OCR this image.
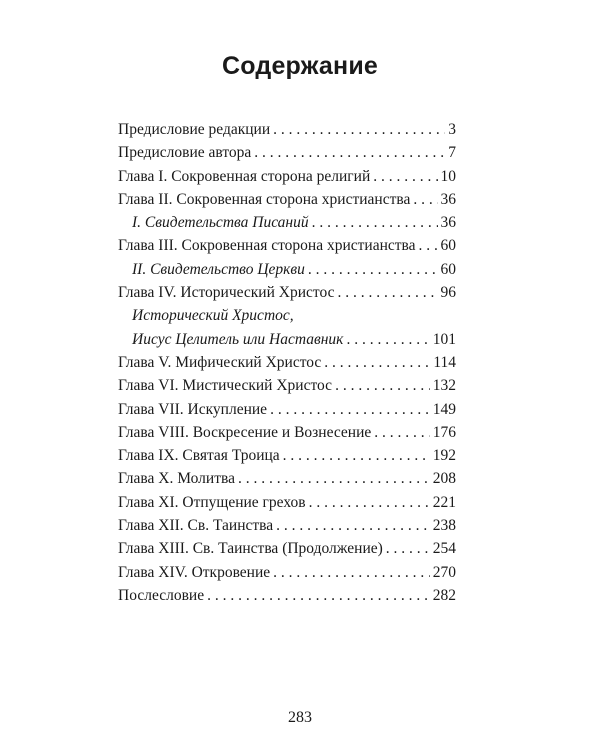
Содержание
Предисловие редакции . . .	3
Предисловие автора . . .	7
Глава I. Сокровенная сторона религий . . .	10
Глава II. Сокровенная сторона христианства . . . 36
I. Свидетельства Писаний . . .	36
Глава III. Сокровенная сторона христианства . . . 60
II. Свидетельство Церкви . . .	60
Глава IV. Исторический Христос . . .	96
Исторический Христос,
Иисус Целитель или Наставник . . .	101
Глава V. Мифический Христос . . .	114
Глава VI. Мистический Христос . . .	132
Глава VII. Искупление . . .	149
Глава VIII. Воскресение и Вознесение . . .	176
Глава IX. Святая Троица . . .	192
Глава X. Молитва . . .	208
Глава XI. Отпущение грехов . . .	221
Глава XII. Св. Таинства . . .	238
Глава XIII. Св. Таинства (Продолжение) . . .	254
Глава XIV. Откровение . . .	270
Послесловие . . .	282
283
